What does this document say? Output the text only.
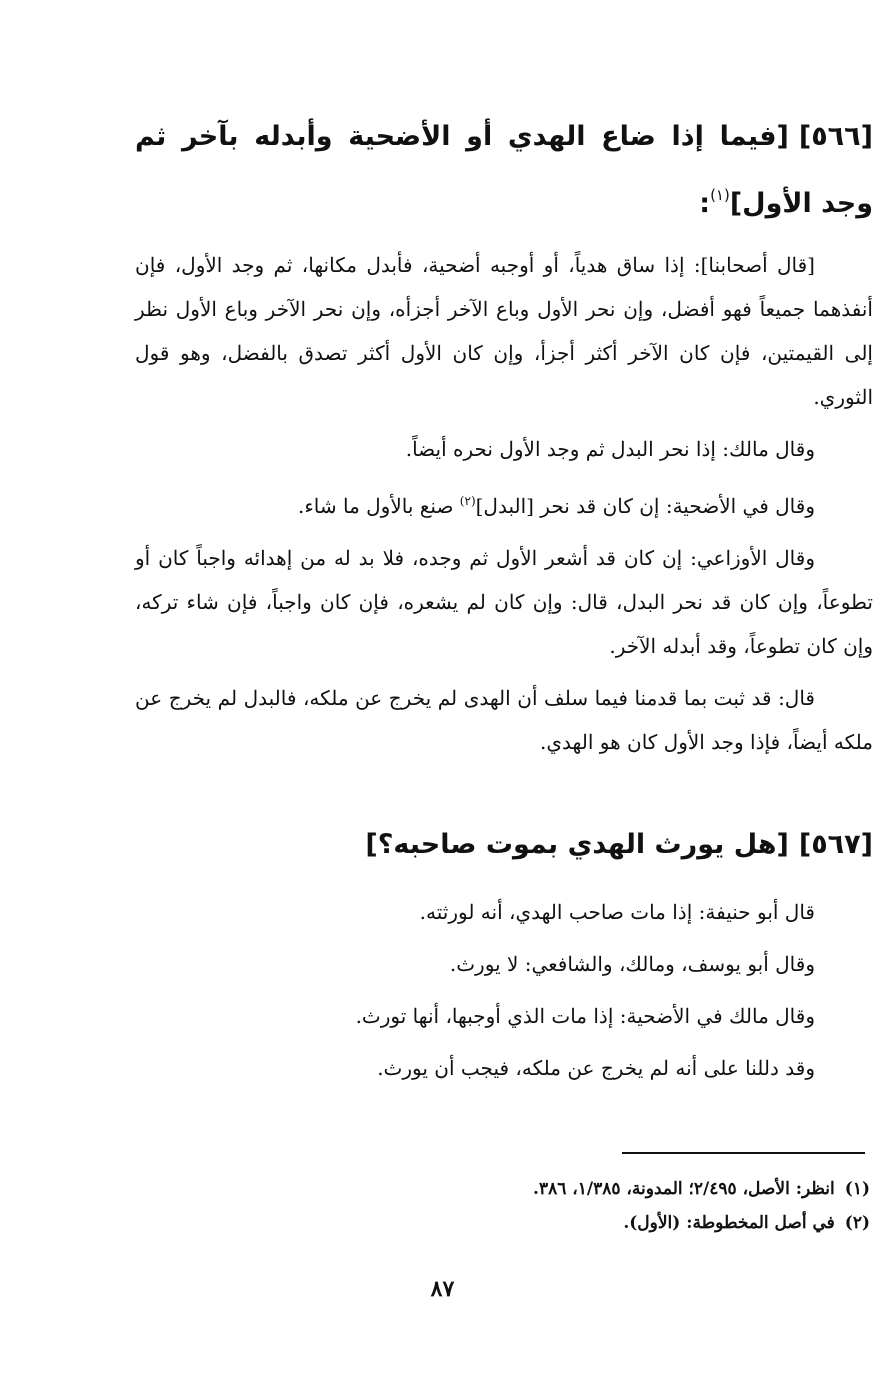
[٥٦٦][فيما إذا ضاع الهدي أو الأضحية وأبدله بآخر ثم وجد الأول]$^{(١)}$:

[قال أصحابنا]: إذا ساق هدياً، أو أوجبه أضحية، فأبدل مكانها، ثم وجد الأول، فإن أنفذهما جميعاً فهو أفضل، وإن نحر الأول وباع الآخر أجزأه، وإن نحر الآخر وباع الأول نظر إلى القيمتين، فإن كان الآخر أكثر أجزأ، وإن كان الأول أكثر تصدق بالفضل، وهو قول الثوري.

وقال مالك: إذا نحر البدل ثم وجد الأول نحره أيضاً.

وقال في الأضحية: إن كان قد نحر [البدل]$^{(٢)}$ صنع بالأول ما شاء.

وقال الأوزاعي: إن كان قد أشعر الأول ثم وجده، فلا بد له من إهدائه واجباً كان أو تطوعاً، وإن كان قد نحر البدل، قال: وإن كان لم يشعره، فإن كان واجباً، فإن شاء تركه، وإن كان تطوعاً، وقد أبدله الآخر.

قال: قد ثبت بما قدمنا فيما سلف أن الهدى لم يخرج عن ملكه، فالبدل لم يخرج عن ملكه أيضاً، فإذا وجد الأول كان هو الهدي.

[٥٦٧][هل يورث الهدي بموت صاحبه؟]

قال أبو حنيفة: إذا مات صاحب الهدي، أنه لورثته.

وقال أبو يوسف، ومالك، والشافعي: لا يورث.

وقال مالك في الأضحية: إذا مات الذي أوجبها، أنها تورث.

وقد دللنا على أنه لم يخرج عن ملكه، فيجب أن يورث.

(١)انظر: الأصل، ٢/٤٩٥؛ المدونة، ١/٣٨٥، ٣٨٦.
(٢)في أصل المخطوطة: (الأول).
٨٧
